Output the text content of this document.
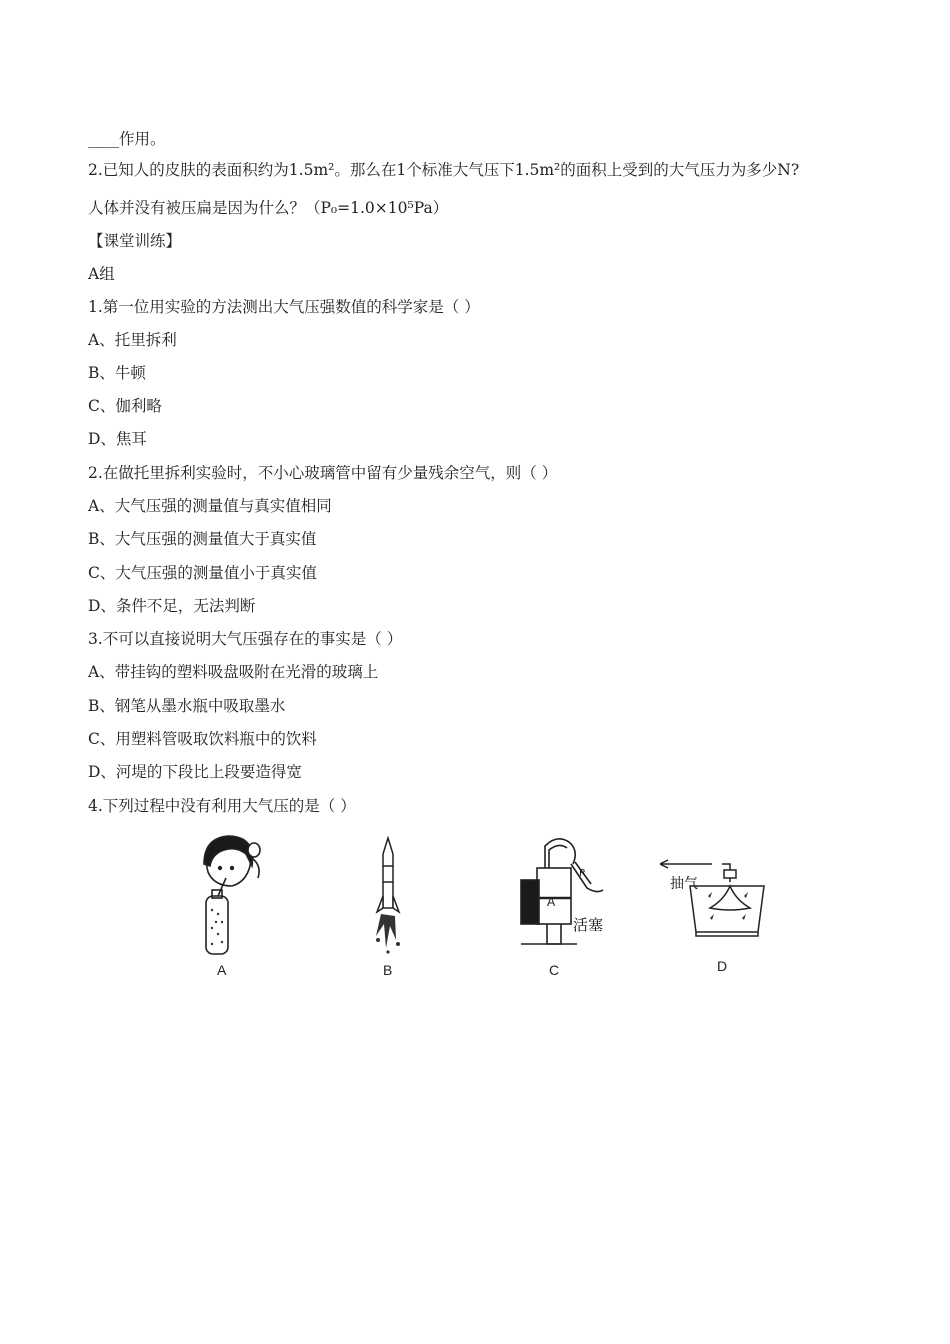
____作用。
2.已知人的皮肤的表面积约为1.5m²。那么在1个标准大气压下1.5m²的面积上受到的大气压力为多少N?
人体并没有被压扁是因为什么？（P₀=1.0×10⁵Pa）
【课堂训练】
A组
1.第一位用实验的方法测出大气压强数值的科学家是（ ）
A、托里拆利
B、牛顿
C、伽利略
D、焦耳
2.在做托里拆利实验时，不小心玻璃管中留有少量残余空气，则（ ）
A、大气压强的测量值与真实值相同
B、大气压强的测量值大于真实值
C、大气压强的测量值小于真实值
D、条件不足，无法判断
3.不可以直接说明大气压强存在的事实是（ ）
A、带挂钩的塑料吸盘吸附在光滑的玻璃上
B、钢笔从墨水瓶中吸取墨水
C、用塑料管吸取饮料瓶中的饮料
D、河堤的下段比上段要造得宽
4.下列过程中没有利用大气压的是（ ）
A	B
A
P
活塞
C
抽气
D
